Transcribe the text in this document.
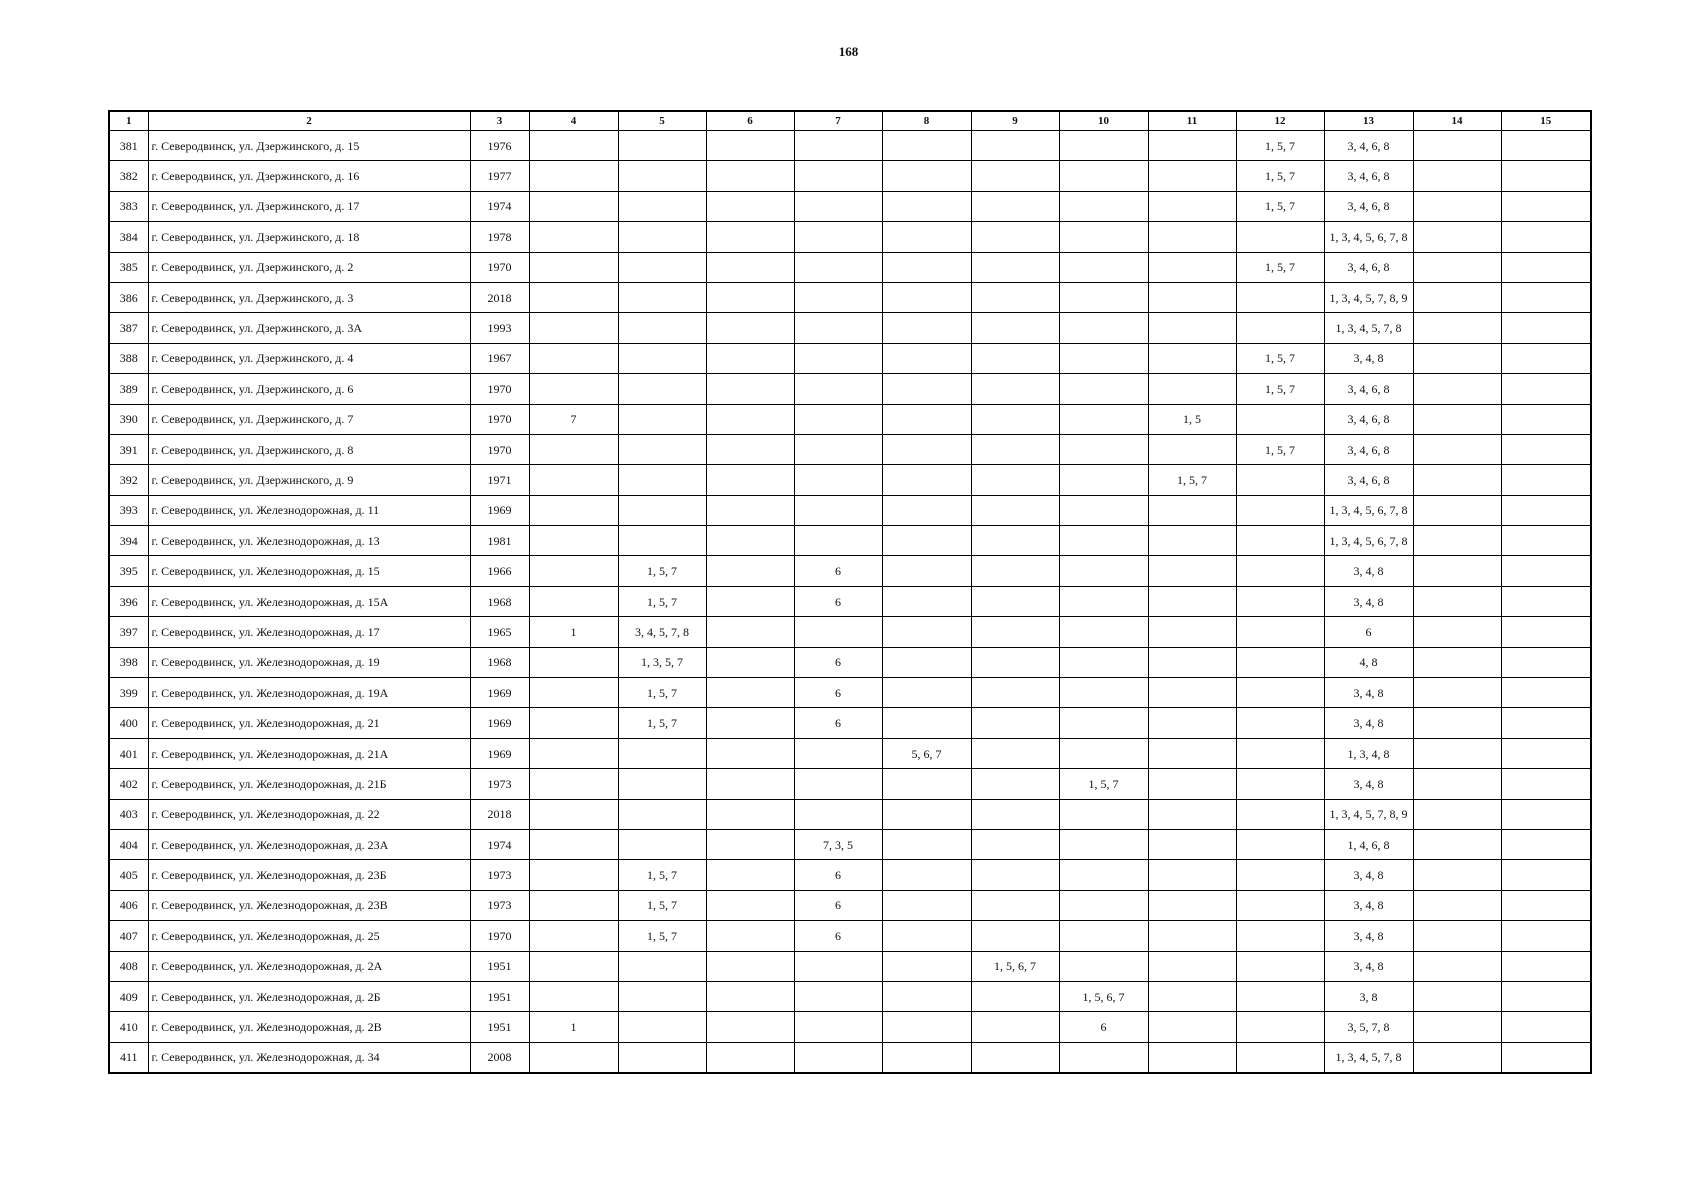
168
1	2	3	4	5	6	7	8	9	10	11	12	13	14	15
381	г. Северодвинск, ул. Дзержинского, д. 15	1976									1, 5, 7	3, 4, 6, 8		
382	г. Северодвинск, ул. Дзержинского, д. 16	1977									1, 5, 7	3, 4, 6, 8		
383	г. Северодвинск, ул. Дзержинского, д. 17	1974									1, 5, 7	3, 4, 6, 8		
384	г. Северодвинск, ул. Дзержинского, д. 18	1978										1, 3, 4, 5, 6, 7, 8		
385	г. Северодвинск, ул. Дзержинского, д. 2	1970									1, 5, 7	3, 4, 6, 8		
386	г. Северодвинск, ул. Дзержинского, д. 3	2018										1, 3, 4, 5, 7, 8, 9		
387	г. Северодвинск, ул. Дзержинского, д. 3А	1993										1, 3, 4, 5, 7, 8		
388	г. Северодвинск, ул. Дзержинского, д. 4	1967									1, 5, 7	3, 4, 8		
389	г. Северодвинск, ул. Дзержинского, д. 6	1970									1, 5, 7	3, 4, 6, 8		
390	г. Северодвинск, ул. Дзержинского, д. 7	1970	7							1, 5		3, 4, 6, 8		
391	г. Северодвинск, ул. Дзержинского, д. 8	1970									1, 5, 7	3, 4, 6, 8		
392	г. Северодвинск, ул. Дзержинского, д. 9	1971								1, 5, 7		3, 4, 6, 8		
393	г. Северодвинск, ул. Железнодорожная, д. 11	1969										1, 3, 4, 5, 6, 7, 8		
394	г. Северодвинск, ул. Железнодорожная, д. 13	1981										1, 3, 4, 5, 6, 7, 8		
395	г. Северодвинск, ул. Железнодорожная, д. 15	1966		1, 5, 7		6						3, 4, 8		
396	г. Северодвинск, ул. Железнодорожная, д. 15А	1968		1, 5, 7		6						3, 4, 8		
397	г. Северодвинск, ул. Железнодорожная, д. 17	1965	1	3, 4, 5, 7, 8								6		
398	г. Северодвинск, ул. Железнодорожная, д. 19	1968		1, 3, 5, 7		6						4, 8		
399	г. Северодвинск, ул. Железнодорожная, д. 19А	1969		1, 5, 7		6						3, 4, 8		
400	г. Северодвинск, ул. Железнодорожная, д. 21	1969		1, 5, 7		6						3, 4, 8		
401	г. Северодвинск, ул. Железнодорожная, д. 21А	1969					5, 6, 7					1, 3, 4, 8		
402	г. Северодвинск, ул. Железнодорожная, д. 21Б	1973							1, 5, 7			3, 4, 8		
403	г. Северодвинск, ул. Железнодорожная, д. 22	2018										1, 3, 4, 5, 7, 8, 9		
404	г. Северодвинск, ул. Железнодорожная, д. 23А	1974				7, 3, 5						1, 4, 6, 8		
405	г. Северодвинск, ул. Железнодорожная, д. 23Б	1973		1, 5, 7		6						3, 4, 8		
406	г. Северодвинск, ул. Железнодорожная, д. 23В	1973		1, 5, 7		6						3, 4, 8		
407	г. Северодвинск, ул. Железнодорожная, д. 25	1970		1, 5, 7		6						3, 4, 8		
408	г. Северодвинск, ул. Железнодорожная, д. 2А	1951						1, 5, 6, 7				3, 4, 8		
409	г. Северодвинск, ул. Железнодорожная, д. 2Б	1951							1, 5, 6, 7			3, 8		
410	г. Северодвинск, ул. Железнодорожная, д. 2В	1951	1						6			3, 5, 7, 8		
411	г. Северодвинск, ул. Железнодорожная, д. 34	2008										1, 3, 4, 5, 7, 8		
